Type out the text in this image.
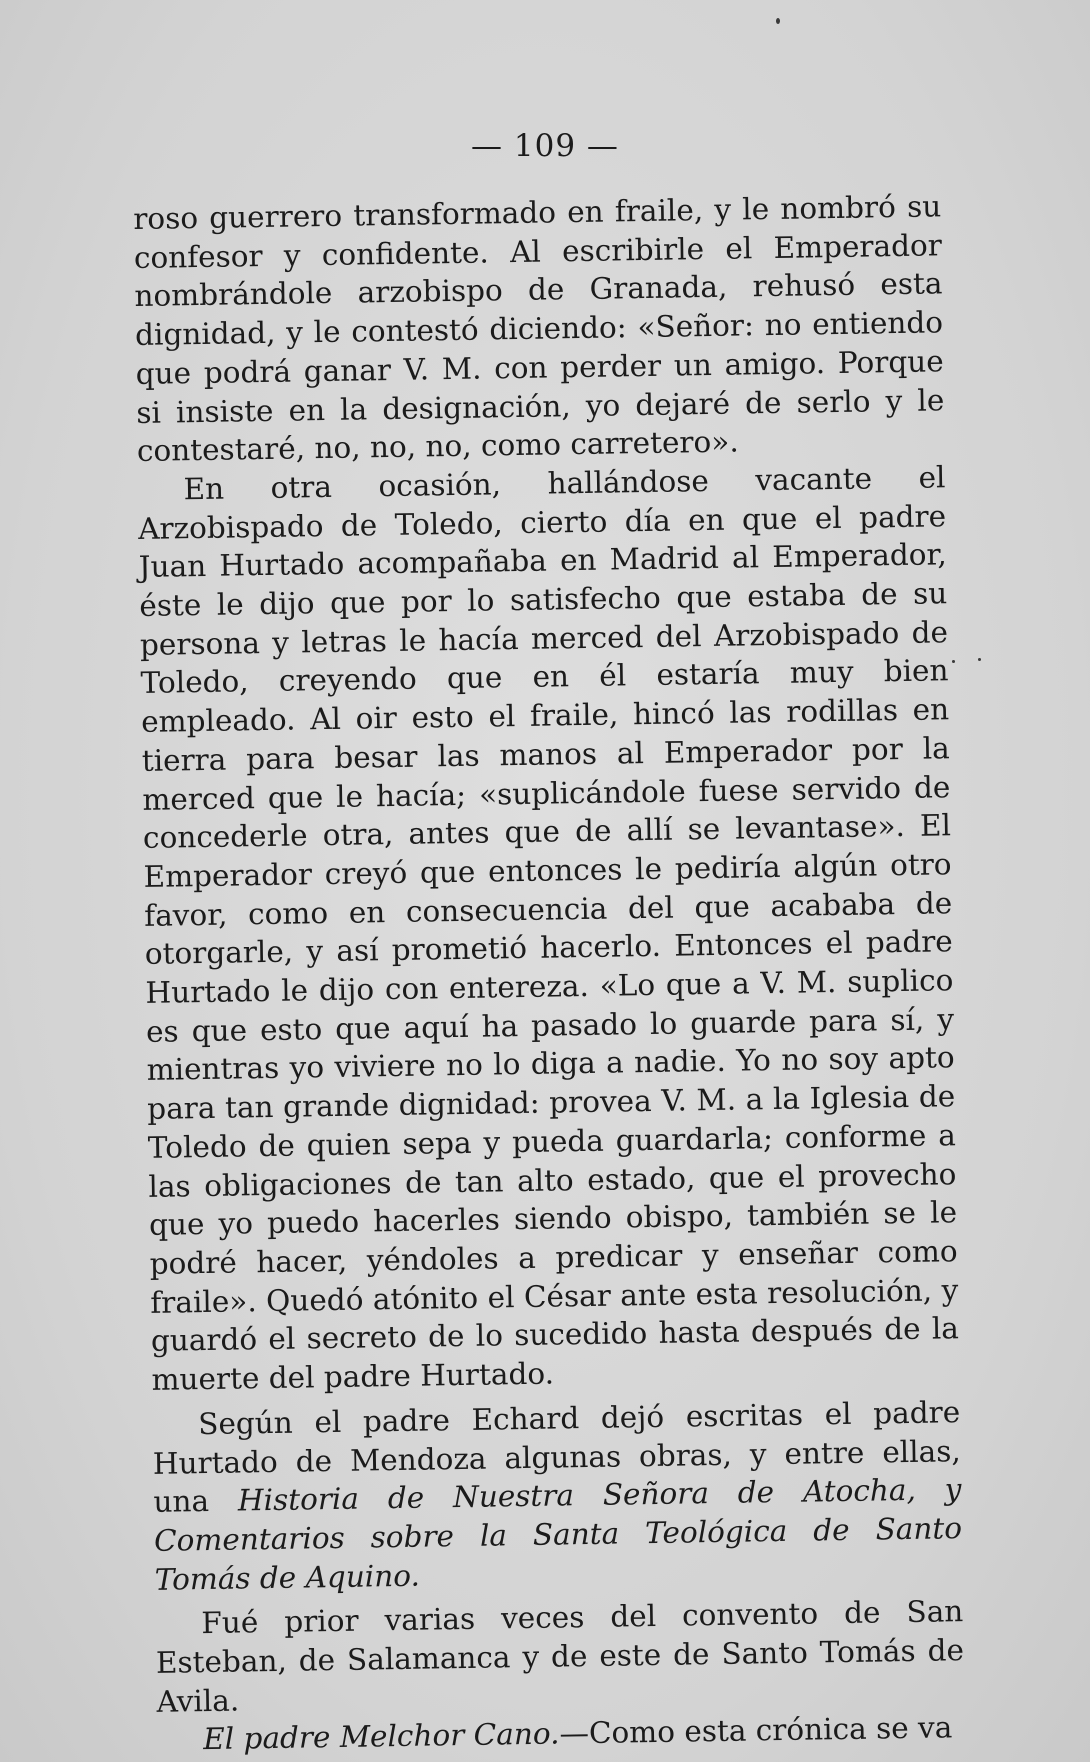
— 109 —

roso guerrero transformado en fraile, y le nombró su confesor y confidente. Al escribirle el Emperador nombrándole arzobispo de Granada, rehusó esta dignidad, y le contestó diciendo: «Señor: no entiendo que podrá ganar V. M. con perder un amigo. Porque si insiste en la designación, yo dejaré de serlo y le contestaré, no, no, no, como carretero».

En otra ocasión, hallándose vacante el Arzobispado de Toledo, cierto día en que el padre Juan Hurtado acompañaba en Madrid al Emperador, éste le dijo que por lo satisfecho que estaba de su persona y letras le hacía merced del Arzobispado de Toledo, creyendo que en él estaría muy bien empleado. Al oir esto el fraile, hincó las rodillas en tierra para besar las manos al Emperador por la merced que le hacía; «suplicándole fuese servido de concederle otra, antes que de allí se levantase». El Emperador creyó que entonces le pediría algún otro favor, como en consecuencia del que acababa de otorgarle, y así prometió hacerlo. Entonces el padre Hurtado le dijo con entereza. «Lo que a V. M. suplico es que esto que aquí ha pasado lo guarde para sí, y mientras yo viviere no lo diga a nadie. Yo no soy apto para tan grande dignidad: provea V. M. a la Iglesia de Toledo de quien sepa y pueda guardarla; conforme a las obligaciones de tan alto estado, que el provecho que yo puedo hacerles siendo obispo, también se le podré hacer, yéndoles a predicar y enseñar como fraile». Quedó atónito el César ante esta resolución, y guardó el secreto de lo sucedido hasta después de la muerte del padre Hurtado.

Según el padre Echard dejó escritas el padre Hurtado de Mendoza algunas obras, y entre ellas, una Historia de Nuestra Señora de Atocha, y Comentarios sobre la Santa Teológica de Santo Tomás de Aquino.

Fué prior varias veces del convento de San Esteban, de Salamanca y de este de Santo Tomás de Avila.

El padre Melchor Cano.—Como esta crónica se va
